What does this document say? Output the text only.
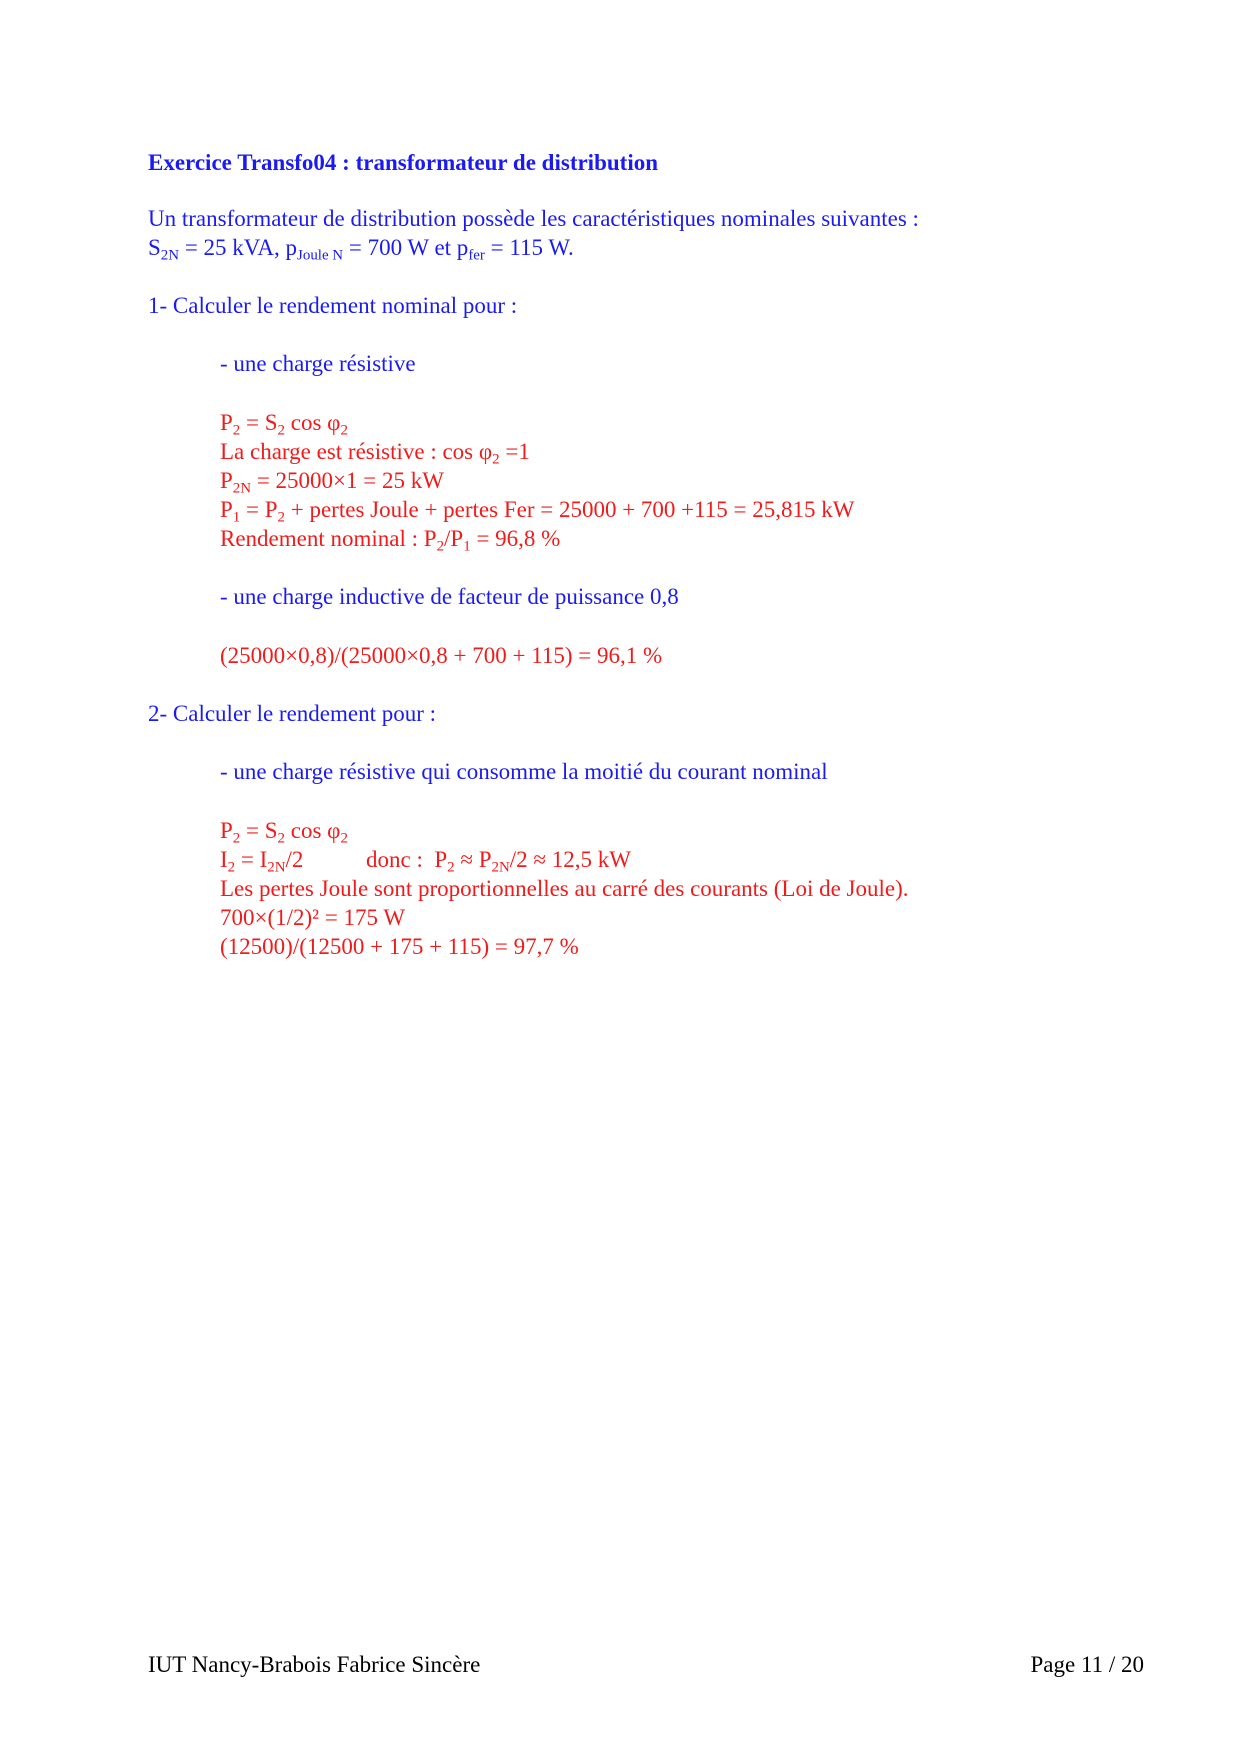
Exercice Transfo04 : transformateur de distribution
Un transformateur de distribution possède les caractéristiques nominales suivantes :
$S_{2N} = 25$ kVA, $p_{Joule N} = 700$ W et $p_{fer} = 115$ W.
1- Calculer le rendement nominal pour :
- une charge résistive
$P_2 = S_2$ $\cos \varphi_2$
La charge est résistive : $\cos \varphi_2 =1$
$P_{2N} = 25000\times 1 = 25$ kW
$P_1 = P_2$ + pertes Joule + pertes Fer = 25000 + 700 +115 = 25,815 kW
Rendement nominal : $P_2/P_1 = 96,8$ %
- une charge inductive de facteur de puissance 0,8
(25000×0,8)/(25000×0,8 + 700 + 115) = 96,1 %
2- Calculer le rendement pour :
- une charge résistive qui consomme la moitié du courant nominal
$P_2 = S_2$ $\cos \varphi_2$
$I_2 = I_{2N}/2$	donc :  $P_2 \approx P_{2N}/2 \approx 12,5$ kW
Les pertes Joule sont proportionnelles au carré des courants (Loi de Joule).
700×(1/2)² = 175 W
(12500)/(12500 + 175 + 115) = 97,7 %
IUT Nancy-Brabois Fabrice Sincère	Page 11 / 20
